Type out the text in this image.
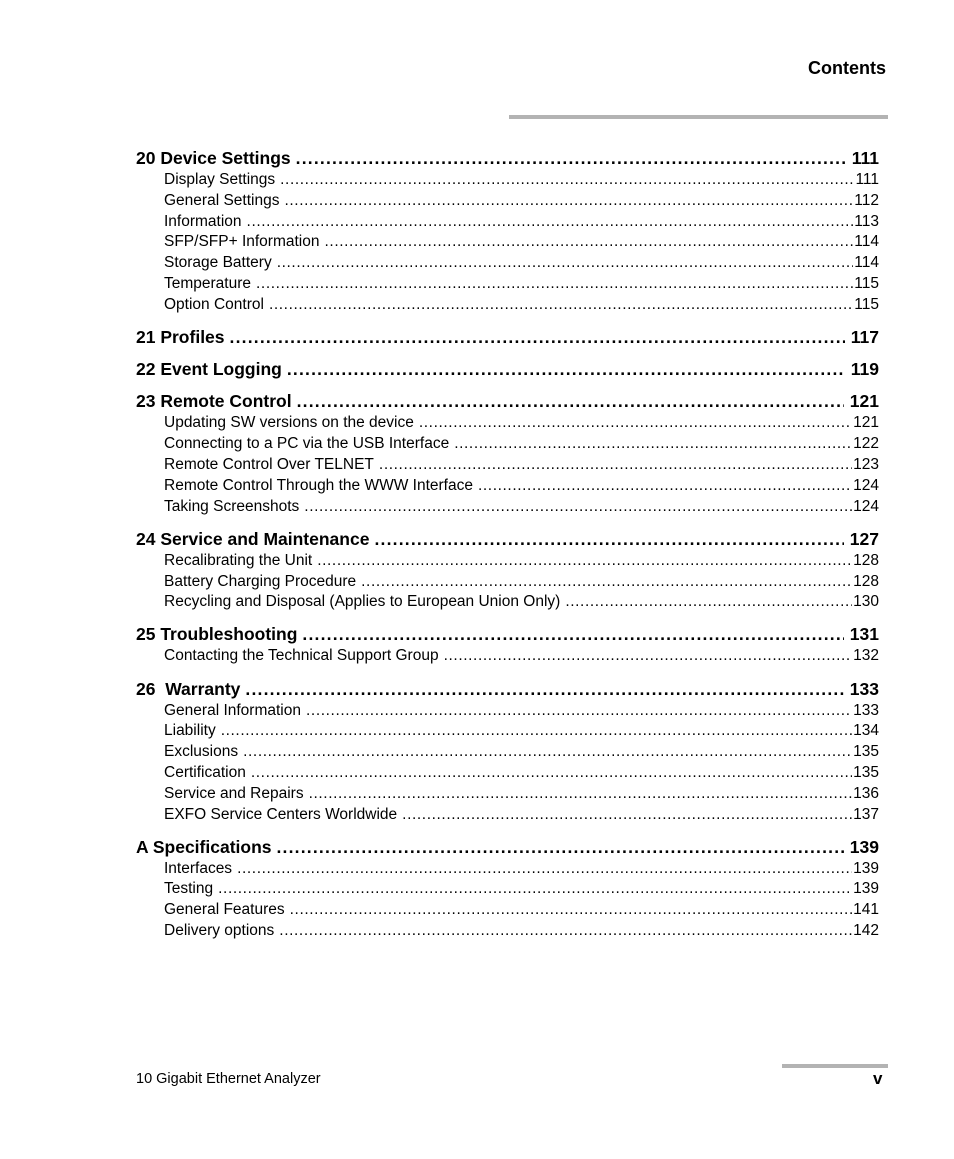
Contents
20 Device Settings .....	111
Display Settings .....	111
General Settings .....	112
Information .....	113
SFP/SFP+ Information .....	114
Storage Battery .....	114
Temperature .....	115
Option Control .....	115
21 Profiles .....	117
22 Event Logging .....	119
23 Remote Control .....	121
Updating SW versions on the device .....	121
Connecting to a PC via the USB Interface .....	122
Remote Control Over TELNET .....	123
Remote Control Through the WWW Interface .....	124
Taking Screenshots .....	124
24 Service and Maintenance .....	127
Recalibrating the Unit .....	128
Battery Charging Procedure .....	128
Recycling and Disposal (Applies to European Union Only) .....	130
25 Troubleshooting .....	131
Contacting the Technical Support Group .....	132
26  Warranty .....	133
General Information .....	133
Liability .....	134
Exclusions .....	135
Certification .....	135
Service and Repairs .....	136
EXFO Service Centers Worldwide .....	137
A Specifications .....	139
Interfaces .....	139
Testing .....	139
General Features .....	141
Delivery options .....	142
10 Gigabit Ethernet Analyzer	v
